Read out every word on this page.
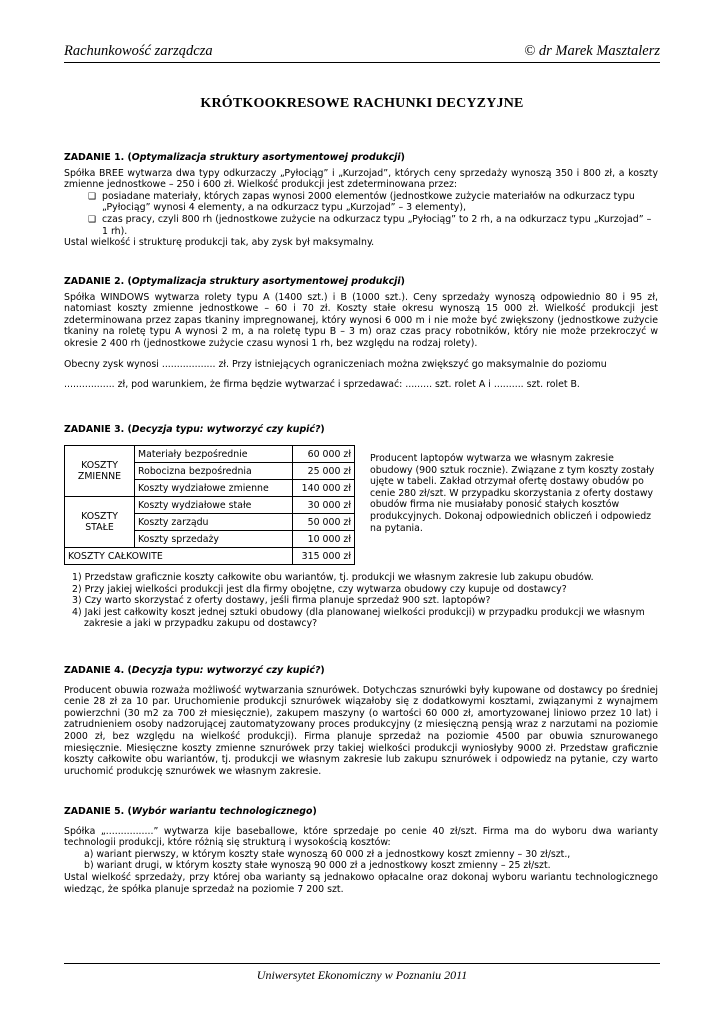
Rachunkowość zarządcza	© dr Marek Masztalerz
KRÓTKOOKRESOWE RACHUNKI DECYZYJNE

ZADANIE 1. (Optymalizacja struktury asortymentowej produkcji)

Spółka BREE wytwarza dwa typy odkurzaczy „Pyłociąg” i „Kurzojad”, których ceny sprzedaży wynoszą 350 i 800 zł, a koszty zmienne jednostkowe – 250 i 600 zł. Wielkość produkcji jest zdeterminowana przez:

❑ posiadane materiały, których zapas wynosi 2000 elementów (jednostkowe zużycie materiałów na odkurzacz typu „Pyłociąg” wynosi 4 elementy, a na odkurzacz typu „Kurzojad” – 3 elementy),
❑ czas pracy, czyli 800 rh (jednostkowe zużycie na odkurzacz typu „Pyłociąg” to 2 rh, a na odkurzacz typu „Kurzojad” – 1 rh).

Ustal wielkość i strukturę produkcji tak, aby zysk był maksymalny.

ZADANIE 2. (Optymalizacja struktury asortymentowej produkcji)

Spółka WINDOWS wytwarza rolety typu A (1400 szt.) i B (1000 szt.). Ceny sprzedaży wynoszą odpowiednio 80 i 95 zł, natomiast koszty zmienne jednostkowe – 60 i 70 zł. Koszty stałe okresu wynoszą 15 000 zł. Wielkość produkcji jest zdeterminowana przez zapas tkaniny impregnowanej, który wynosi 6 000 m i nie może być zwiększony (jednostkowe zużycie tkaniny na roletę typu A wynosi 2 m, a na roletę typu B – 3 m) oraz czas pracy robotników, który nie może przekroczyć w okresie 2 400 rh (jednostkowe zużycie czasu wynosi 1 rh, bez względu na rodzaj rolety).

Obecny zysk wynosi .................. zł. Przy istniejących ograniczeniach można zwiększyć go maksymalnie do poziomu

................. zł, pod warunkiem, że firma będzie wytwarzać i sprzedawać: ......... szt. rolet A i .......... szt. rolet B.

ZADANIE 3. (Decyzja typu: wytworzyć czy kupić?)

KOSZTY ZMIENNE	Materiały bezpośrednie	60 000 zł
	Robocizna bezpośrednia	25 000 zł
	Koszty wydziałowe zmienne	140 000 zł
KOSZTY STAŁE	Koszty wydziałowe stałe	30 000 zł
	Koszty zarządu	50 000 zł
	Koszty sprzedaży	10 000 zł
KOSZTY CAŁKOWITE		315 000 zł
Producent laptopów wytwarza we własnym zakresie obudowy (900 sztuk rocznie). Związane z tym koszty zostały ujęte w tabeli. Zakład otrzymał ofertę dostawy obudów po cenie 280 zł/szt. W przypadku skorzystania z oferty dostawy obudów firma nie musiałaby ponosić stałych kosztów produkcyjnych. Dokonaj odpowiednich obliczeń i odpowiedz na pytania.
1) Przedstaw graficznie koszty całkowite obu wariantów, tj. produkcji we własnym zakresie lub zakupu obudów.
2) Przy jakiej wielkości produkcji jest dla firmy obojętne, czy wytwarza obudowy czy kupuje od dostawcy?
3) Czy warto skorzystać z oferty dostawy, jeśli firma planuje sprzedaż 900 szt. laptopów?
4) Jaki jest całkowity koszt jednej sztuki obudowy (dla planowanej wielkości produkcji) w przypadku produkcji we własnym zakresie a jaki w przypadku zakupu od dostawcy?

ZADANIE 4. (Decyzja typu: wytworzyć czy kupić?)

Producent obuwia rozważa możliwość wytwarzania sznurówek. Dotychczas sznurówki były kupowane od dostawcy po średniej cenie 28 zł za 10 par. Uruchomienie produkcji sznurówek wiązałoby się z dodatkowymi kosztami, związanymi z wynajmem powierzchni (30 m2 za 700 zł miesięcznie), zakupem maszyny (o wartości 60 000 zł, amortyzowanej liniowo przez 10 lat) i zatrudnieniem osoby nadzorującej zautomatyzowany proces produkcyjny (z miesięczną pensją wraz z narzutami na poziomie 2000 zł, bez względu na wielkość produkcji). Firma planuje sprzedaż na poziomie 4500 par obuwia sznurowanego miesięcznie. Miesięczne koszty zmienne sznurówek przy takiej wielkości produkcji wyniosłyby 9000 zł. Przedstaw graficznie koszty całkowite obu wariantów, tj. produkcji we własnym zakresie lub zakupu sznurówek i odpowiedz na pytanie, czy warto uruchomić produkcję sznurówek we własnym zakresie.

ZADANIE 5. (Wybór wariantu technologicznego)

Spółka „................” wytwarza kije baseballowe, które sprzedaje po cenie 40 zł/szt. Firma ma do wyboru dwa warianty technologii produkcji, które różnią się strukturą i wysokością kosztów:

a) wariant pierwszy, w którym koszty stałe wynoszą 60 000 zł a jednostkowy koszt zmienny – 30 zł/szt.,
b) wariant drugi, w którym koszty stałe wynoszą 90 000 zł a jednostkowy koszt zmienny – 25 zł/szt.

Ustal wielkość sprzedaży, przy której oba warianty są jednakowo opłacalne oraz dokonaj wyboru wariantu technologicznego wiedząc, że spółka planuje sprzedaż na poziomie 7 200 szt.

Uniwersytet Ekonomiczny w Poznaniu 2011
